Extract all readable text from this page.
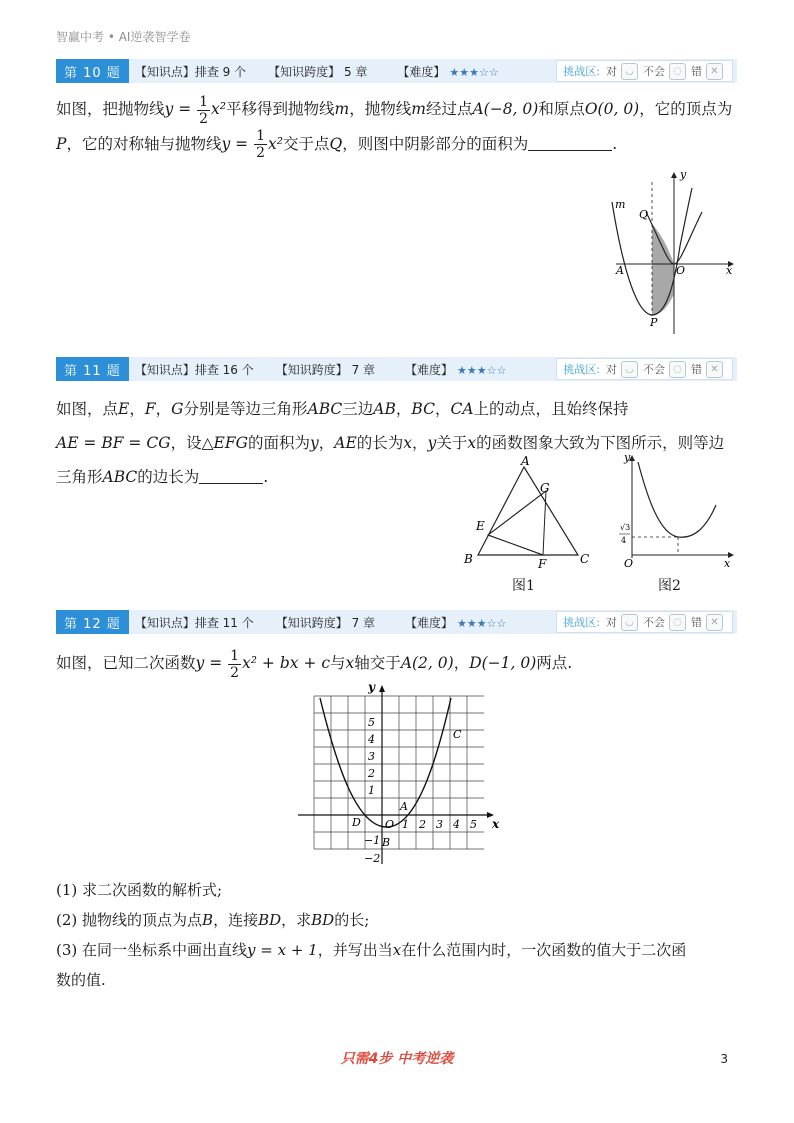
智赢中考 • AI逆袭智学卷
第 10 题	【知识点】排查 9 个 【知识跨度】 5 章	【难度】 ★★★☆☆	挑战区: 对 ◡ 不会 ◌ 错 ✕
如图，把抛物线$y = \frac{1}{2} x^2$平移得到抛物线m，抛物线m经过点A(−8, 0)和原点O(0, 0)，它的顶点为
P，它的对称轴与抛物线$y = \frac{1}{2} x^2$交于点Q，则图中阴影部分的面积为	.
m
Q
A	O
P
x
y
第 11 题	【知识点】排查 16 个 【知识跨度】 7 章	【难度】 ★★★☆☆	挑战区: 对 ◡ 不会 ◌ 错 ✕
如图，点E，F，G分别是等边三角形ABC三边AB，BC，CA上的动点，且始终保持
AE = BF = CG，设△EFG的面积为y，AE的长为x，y关于x的函数图象大致为下图所示，则等边
三角形ABC的边长为	.
A
B	C
E
F
G
图1
√3
4
y
x
O
图2
第 12 题	【知识点】排查 11 个 【知识跨度】 7 章	【难度】 ★★★☆☆	挑战区: 对 ◡ 不会 ◌ 错 ✕
如图，已知二次函数$y = \frac{1}{2} x^2$ + bx + c与x轴交于A(2, 0)，D(−1, 0)两点.
y
x
5
4
3
2
1
−1
−2
1 2 3 4 5
D O
A
B
C
(1) 求二次函数的解析式;
(2) 抛物线的顶点为点B，连接BD，求BD的长;
(3) 在同一坐标系中画出直线y = x + 1，并写出当x在什么范围内时，一次函数的值大于二次函
数的值.
只需4步 中考逆袭	3
